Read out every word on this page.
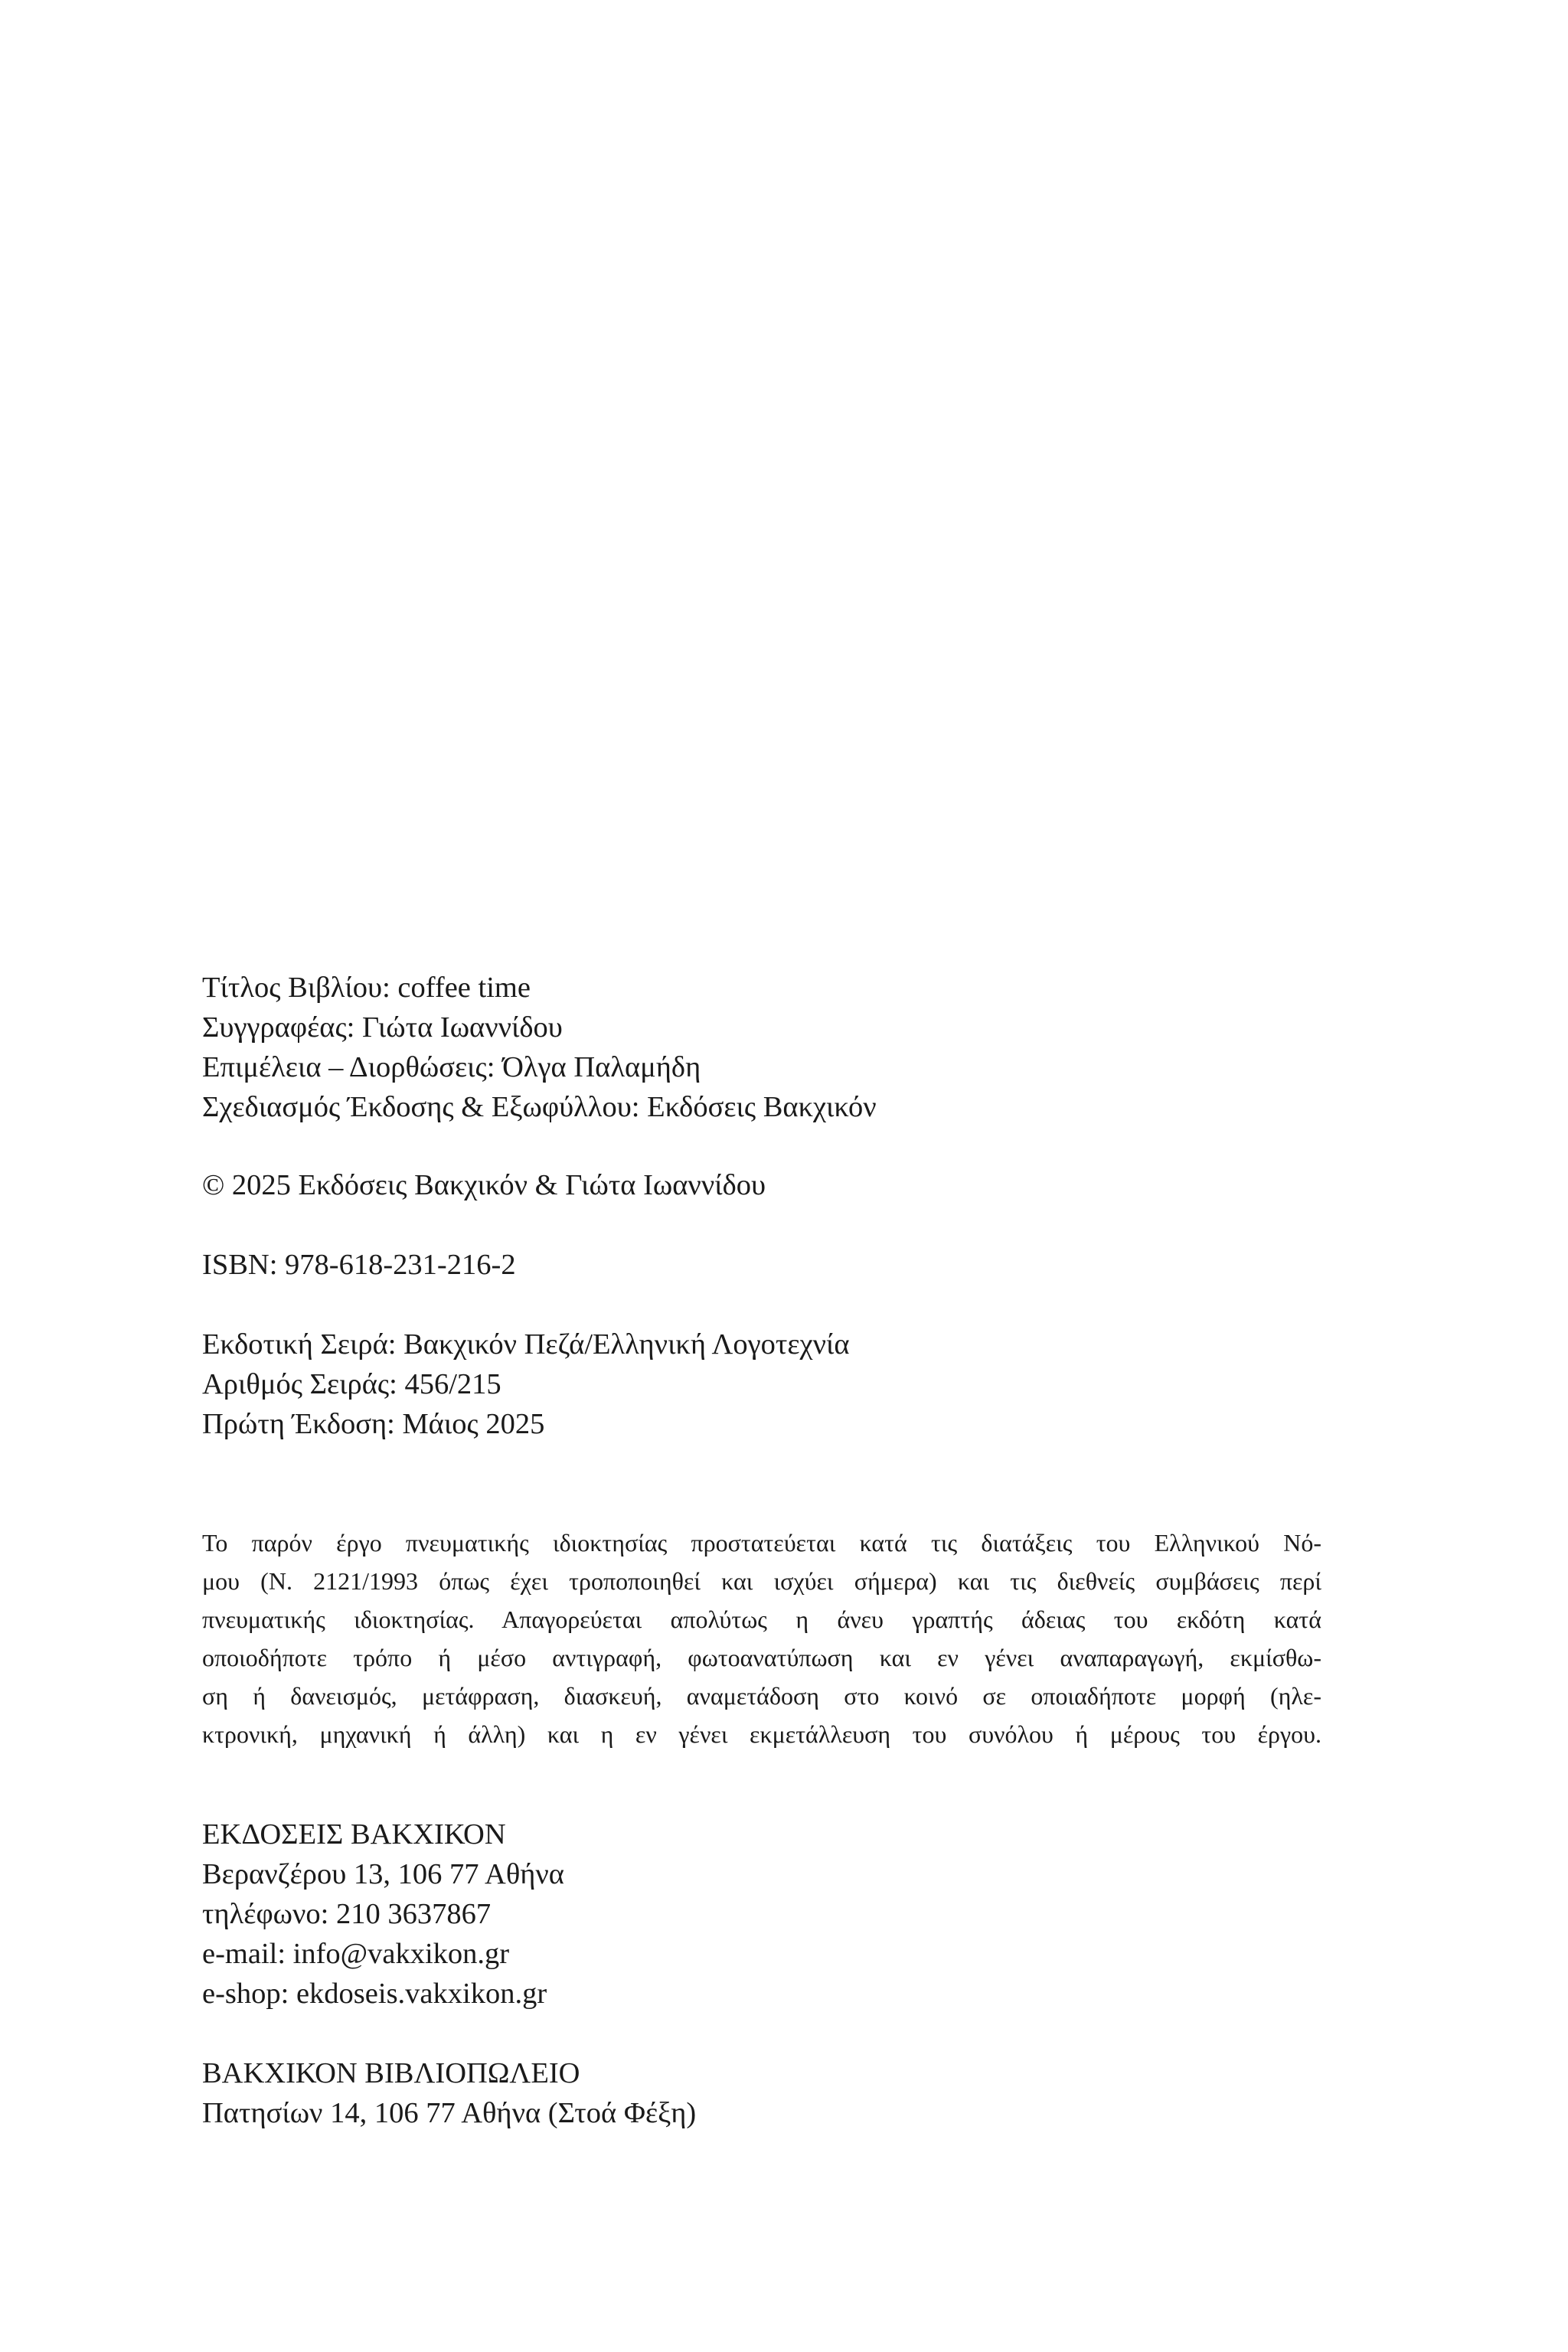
Τίτλος Βιβλίου: coffee time
Συγγραφέας: Γιώτα Ιωαννίδου
Επιμέλεια – Διορθώσεις: Όλγα Παλαμήδη
Σχεδιασμός Έκδοσης & Εξωφύλλου: Εκδόσεις Βακχικόν
© 2025 Εκδόσεις Βακχικόν & Γιώτα Ιωαννίδου
ISBN: 978-618-231-216-2
Εκδοτική Σειρά: Βακχικόν Πεζά/Ελληνική Λογοτεχνία
Αριθμός Σειράς: 456/215
Πρώτη Έκδοση: Μάιος 2025
Το παρόν έργο πνευματικής ιδιοκτησίας προστατεύεται κατά τις διατάξεις του Ελληνικού Νό-
μου (Ν. 2121/1993 όπως έχει τροποποιηθεί και ισχύει σήμερα) και τις διεθνείς συμβάσεις περί
πνευματικής ιδιοκτησίας. Απαγορεύεται απολύτως η άνευ γραπτής άδειας του εκδότη κατά
οποιοδήποτε τρόπο ή μέσο αντιγραφή, φωτοανατύπωση και εν γένει αναπαραγωγή, εκμίσθω-
ση ή δανεισμός, μετάφραση, διασκευή, αναμετάδοση στο κοινό σε οποιαδήποτε μορφή (ηλε-
κτρονική, μηχανική ή άλλη) και η εν γένει εκμετάλλευση του συνόλου ή μέρους του έργου.
ΕΚΔΟΣΕΙΣ ΒΑΚΧΙΚΟΝ
Βερανζέρου 13, 106 77 Αθήνα
τηλέφωνο: 210 3637867
e-mail: info@vakxikon.gr
e-shop: ekdoseis.vakxikon.gr
ΒΑΚΧΙΚΟΝ ΒΙΒΛΙΟΠΩΛΕΙΟ
Πατησίων 14, 106 77 Αθήνα (Στοά Φέξη)
